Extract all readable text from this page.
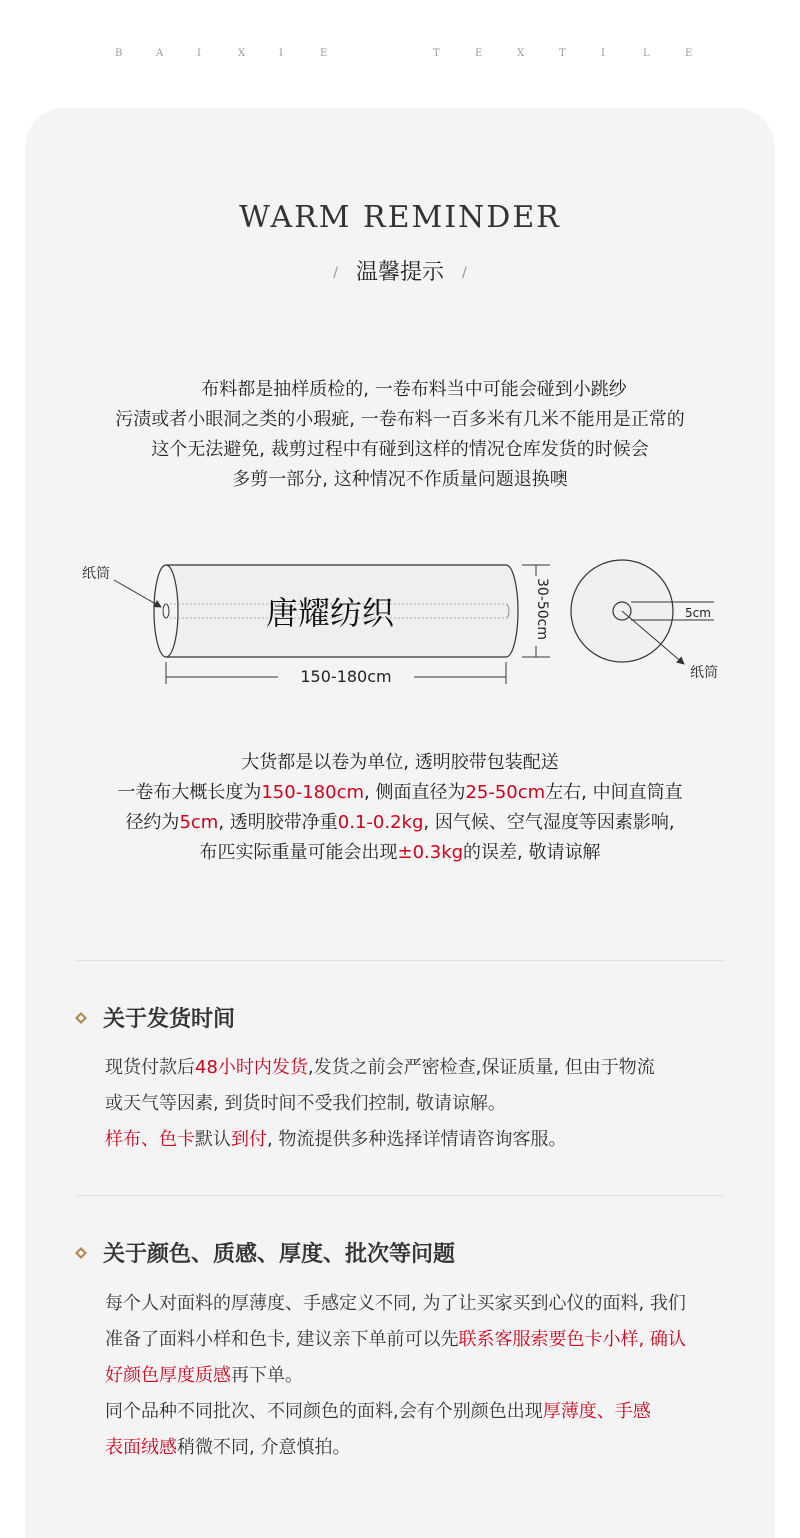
B	A	I	X	I	E	T	E	X	T	I	L	E
WARM REMINDER
/ 温馨提示 /
布料都是抽样质检的, 一卷布料当中可能会碰到小跳纱
污渍或者小眼洞之类的小瑕疵, 一卷布料一百多米有几米不能用是正常的
这个无法避免, 裁剪过程中有碰到这样的情况仓库发货的时候会
多剪一部分, 这种情况不作质量问题退换噢
纸筒
唐耀纺织
150-180cm
30-50cm	5cm
纸筒
大货都是以卷为单位, 透明胶带包装配送
一卷布大概长度为150-180cm, 侧面直径为25-50cm左右, 中间直筒直
径约为5cm, 透明胶带净重0.1-0.2kg, 因气候、空气湿度等因素影响,
布匹实际重量可能会出现±0.3kg的误差, 敬请谅解
关于发货时间

现货付款后48小时内发货,发货之前会严密检查,保证质量, 但由于物流

或天气等因素, 到货时间不受我们控制, 敬请谅解。

样布、色卡默认到付, 物流提供多种选择详情请咨询客服。

关于颜色、质感、厚度、批次等问题

每个人对面料的厚薄度、手感定义不同, 为了让买家买到心仪的面料, 我们

准备了面料小样和色卡, 建议亲下单前可以先联系客服索要色卡小样, 确认

好颜色厚度质感再下单。

同个品种不同批次、不同颜色的面料,会有个别颜色出现厚薄度、手感

表面绒感稍微不同, 介意慎拍。
